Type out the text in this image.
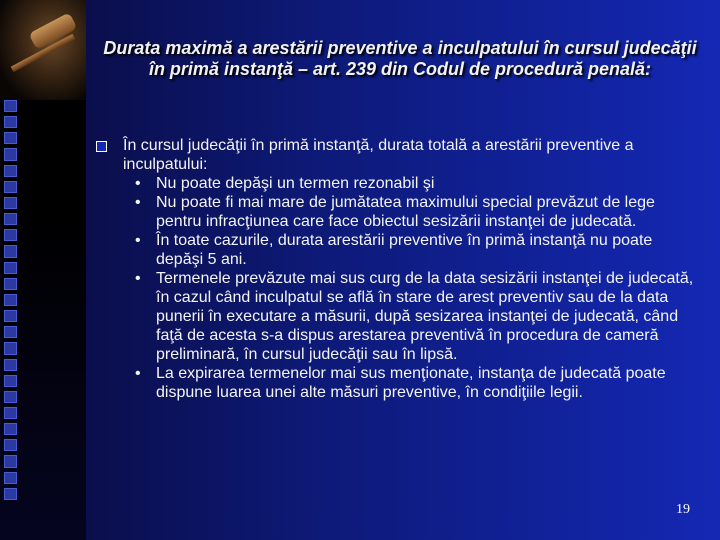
Durata maximă a arestării preventive a inculpatului în cursul judecăţii în primă instanţă – art. 239 din Codul de procedură penală:
În cursul judecăţii în primă instanţă, durata totală a arestării preventive a inculpatului:
• Nu poate depăşi un termen rezonabil şi
• Nu poate fi mai mare de jumătatea maximului special prevăzut de lege pentru infracţiunea care face obiectul sesizării instanţei de judecată.
• În toate cazurile, durata arestării preventive în primă instanţă nu poate depăşi 5 ani.
• Termenele prevăzute mai sus curg de la data sesizării instanţei de judecată, în cazul când inculpatul se află în stare de arest preventiv sau de la data punerii în executare a măsurii, după sesizarea instanţei de judecată, când faţă de acesta s-a dispus arestarea preventivă în procedura de cameră preliminară, în cursul judecăţii sau în lipsă.
• La expirarea termenelor mai sus menţionate, instanţa de judecată poate dispune luarea unei alte măsuri preventive, în condiţiile legii.
19
